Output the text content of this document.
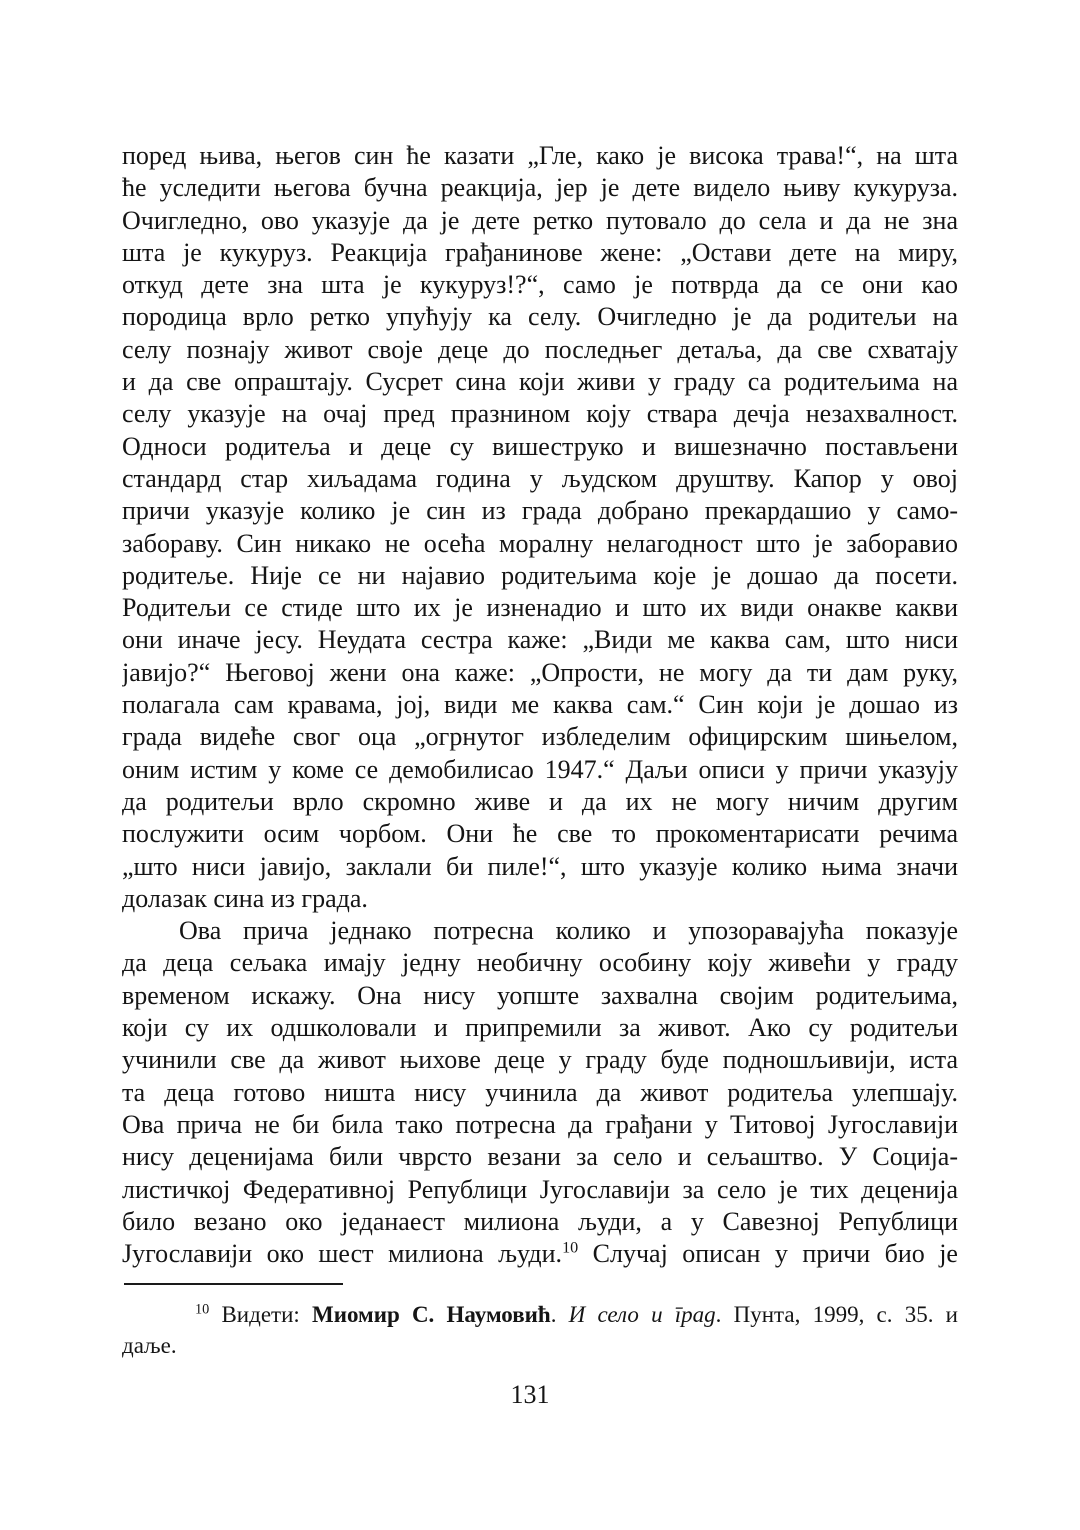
поред њива, његов син ће казати „Гле, како је висока трава!“, на шта
ће уследити његова бучна реакција, јер је дете видело њиву кукуруза.
Очигледно, ово указује да је дете ретко путовало до села и да не зна
шта је кукуруз. Реакција грађанинове жене: „Остави дете на миру,
откуд дете зна шта је кукуруз!?“, само је потврда да се они као
породица врло ретко упућују ка селу. Очигледно је да родитељи на
селу познају живот своје деце до последњег детаља, да све схватају
и да све опраштају. Сусрет сина који живи у граду са родитељима на
селу указује на очај пред празнином коју ствара дечја незахвалност.
Односи родитеља и деце су вишеструко и вишезначно постављени
стандард стар хиљадама година у људском друштву. Капор у овој
причи указује колико је син из града добрано прекардашио у само-
забораву. Син никако не осећа моралну нелагодност што је заборавио
родитеље. Није се ни најавио родитељима које је дошао да посети.
Родитељи се стиде што их је изненадио и што их види онакве какви
они иначе јесу. Неудата сестра каже: „Види ме каква сам, што ниси
јавијо?“ Његовој жени она каже: „Опрости, не могу да ти дам руку,
полагала сам кравама, јој, види ме каква сам.“ Син који је дошао из
града видеће свог оца „огрнутог избледелим официрским шињелом,
оним истим у коме се демобилисао 1947.“ Даљи описи у причи указују
да родитељи врло скромно живе и да их не могу ничим другим
послужити осим чорбом. Они ће све то прокоментарисати речима
„што ниси јавијо, заклали би пиле!“, што указује колико њима значи
долазак сина из града.
Ова прича једнако потресна колико и упозоравајућа показује
да деца сељака имају једну необичну особину коју живећи у граду
временом искажу. Она нису уопште захвална својим родитељима,
који су их одшколовали и припремили за живот. Ако су родитељи
учинили све да живот њихове деце у граду буде подношљивији, иста
та деца готово ништа нису учинила да живот родитеља улепшају.
Ова прича не би била тако потресна да грађани у Титовој Југославији
нису деценијама били чврсто везани за село и сељаштво. У Соција-
листичкој Федеративној Републици Југославији за село је тих деценија
било везано око једанаест милиона људи, а у Савезној Републици
Југославији око шест милиона људи.$^{10}$ Случај описан у причи био је
$^{10}$ Видети: Миомир С. Наумовић. И село и град. Пунта, 1999, с. 35. и
даље.
131
